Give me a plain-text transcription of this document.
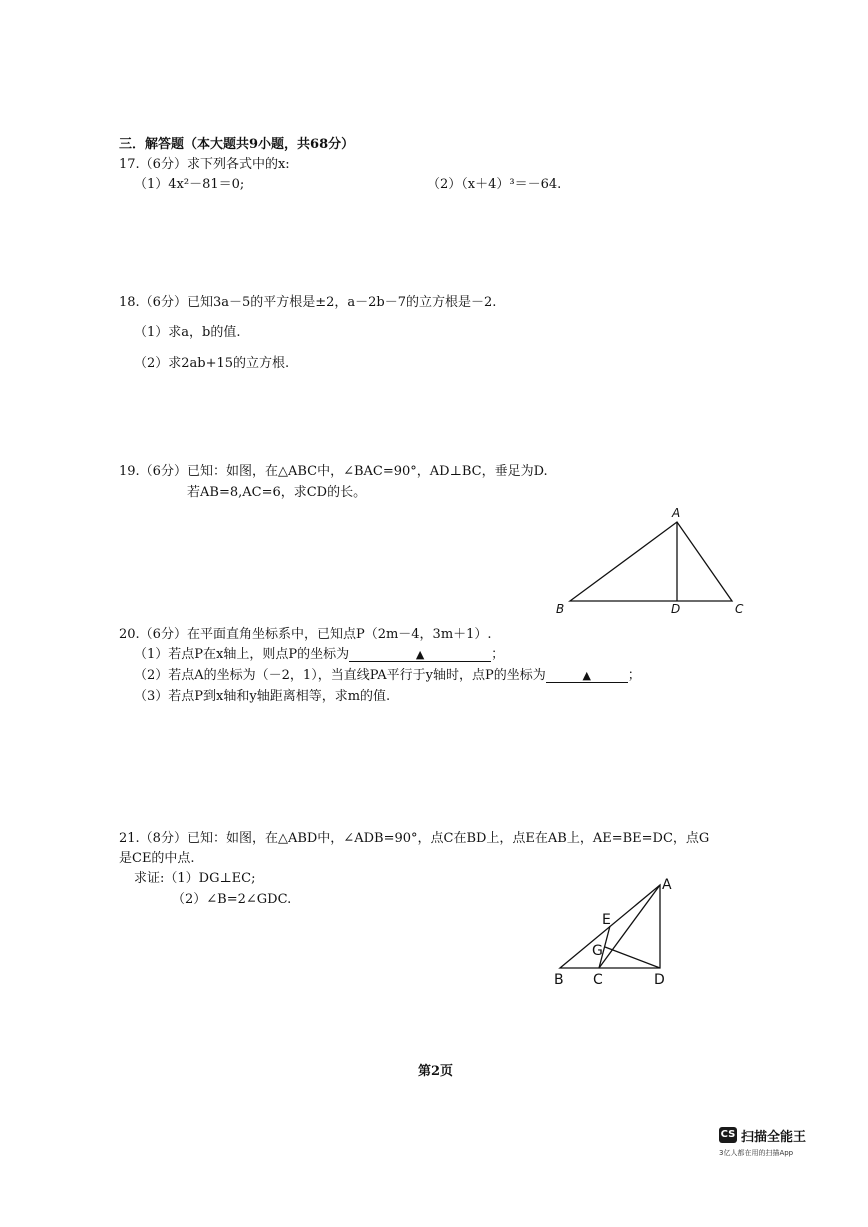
三．解答题（本大题共9小题，共68分）
17.（6分）求下列各式中的x:
（1）4x²－81＝0;	（2）（x＋4）³＝－64.
18.（6分）已知3a－5的平方根是±2，a－2b－7的立方根是－2.
（1）求a，b的值.
（2）求2ab+15的立方根.
19.（6分）已知：如图，在△ABC中，∠BAC=90°，AD⊥BC，垂足为D.
若AB=8,AC=6，求CD的长。
A
B	D	C
20.（6分）在平面直角坐标系中，已知点P（2m－4，3m＋1）.
（1）若点P在x轴上，则点P的坐标为	▲	；
（2）若点A的坐标为（－2，1），当直线PA平行于y轴时，点P的坐标为	▲	；
（3）若点P到x轴和y轴距离相等，求m的值.
21.（8分）已知：如图，在△ABD中，∠ADB=90°，点C在BD上，点E在AB上，AE=BE=DC，点G
是CE的中点.
求证:（1）DG⊥EC;
（2）∠B=2∠GDC.
A
E
G
B C	D
第2页
CS 扫描全能王
3亿人都在用的扫描App
